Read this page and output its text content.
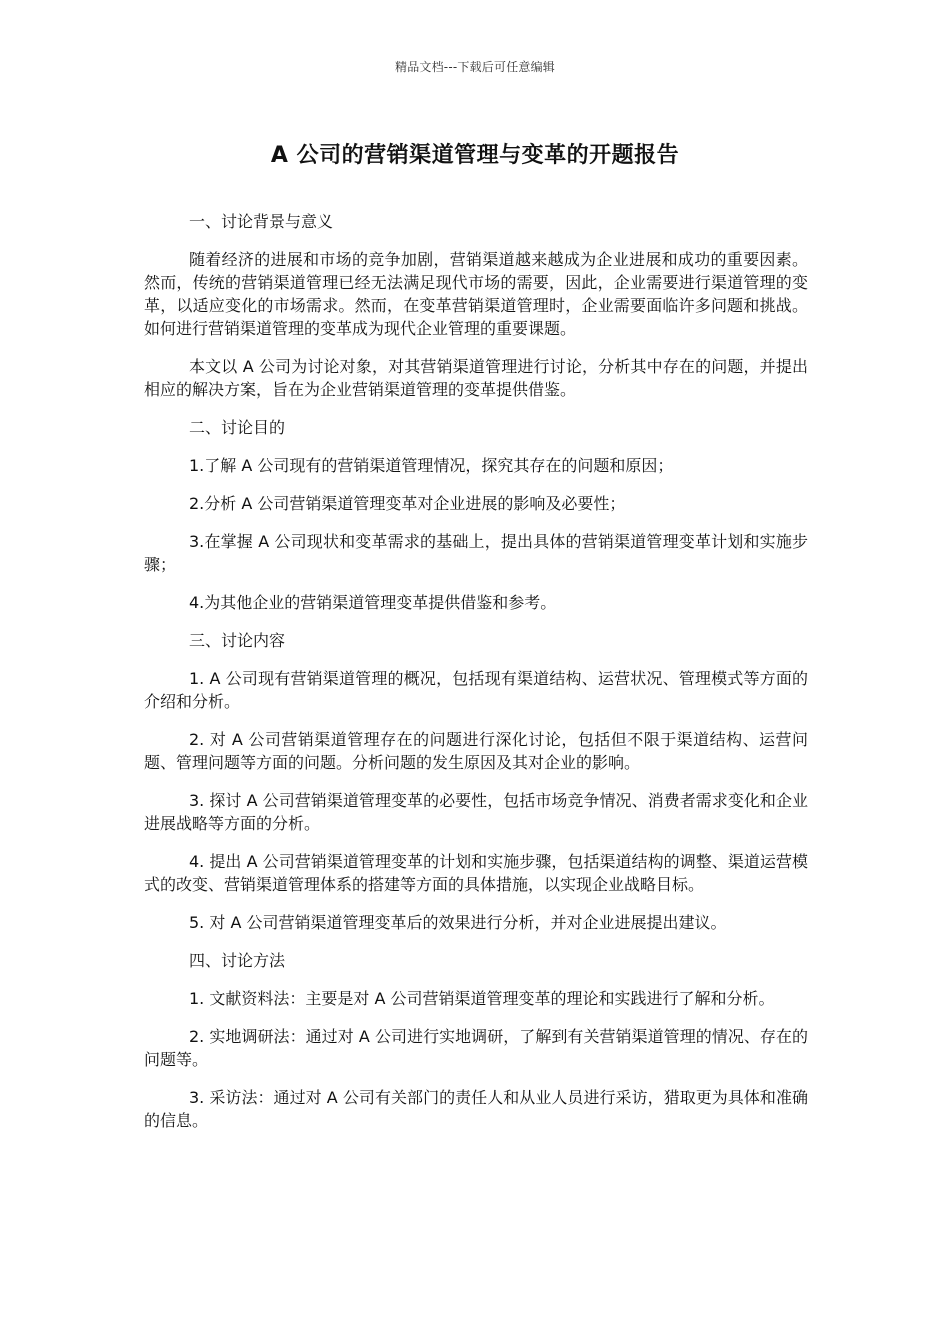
精品文档---下载后可任意编辑
A 公司的营销渠道管理与变革的开题报告

一、讨论背景与意义

随着经济的进展和市场的竞争加剧，营销渠道越来越成为企业进展和成功的重要因素。然而，传统的营销渠道管理已经无法满足现代市场的需要，因此，企业需要进行渠道管理的变革，以适应变化的市场需求。然而，在变革营销渠道管理时，企业需要面临许多问题和挑战。如何进行营销渠道管理的变革成为现代企业管理的重要课题。

本文以 A 公司为讨论对象，对其营销渠道管理进行讨论，分析其中存在的问题，并提出相应的解决方案，旨在为企业营销渠道管理的变革提供借鉴。

二、讨论目的

1.了解 A 公司现有的营销渠道管理情况，探究其存在的问题和原因；

2.分析 A 公司营销渠道管理变革对企业进展的影响及必要性；

3.在掌握 A 公司现状和变革需求的基础上，提出具体的营销渠道管理变革计划和实施步骤；

4.为其他企业的营销渠道管理变革提供借鉴和参考。

三、讨论内容

1. A 公司现有营销渠道管理的概况，包括现有渠道结构、运营状况、管理模式等方面的介绍和分析。

2. 对 A 公司营销渠道管理存在的问题进行深化讨论，包括但不限于渠道结构、运营问题、管理问题等方面的问题。分析问题的发生原因及其对企业的影响。

3. 探讨 A 公司营销渠道管理变革的必要性，包括市场竞争情况、消费者需求变化和企业进展战略等方面的分析。

4. 提出 A 公司营销渠道管理变革的计划和实施步骤，包括渠道结构的调整、渠道运营模式的改变、营销渠道管理体系的搭建等方面的具体措施，以实现企业战略目标。

5. 对 A 公司营销渠道管理变革后的效果进行分析，并对企业进展提出建议。

四、讨论方法

1. 文献资料法：主要是对 A 公司营销渠道管理变革的理论和实践进行了解和分析。

2. 实地调研法：通过对 A 公司进行实地调研，了解到有关营销渠道管理的情况、存在的问题等。

3. 采访法：通过对 A 公司有关部门的责任人和从业人员进行采访，猎取更为具体和准确的信息。
